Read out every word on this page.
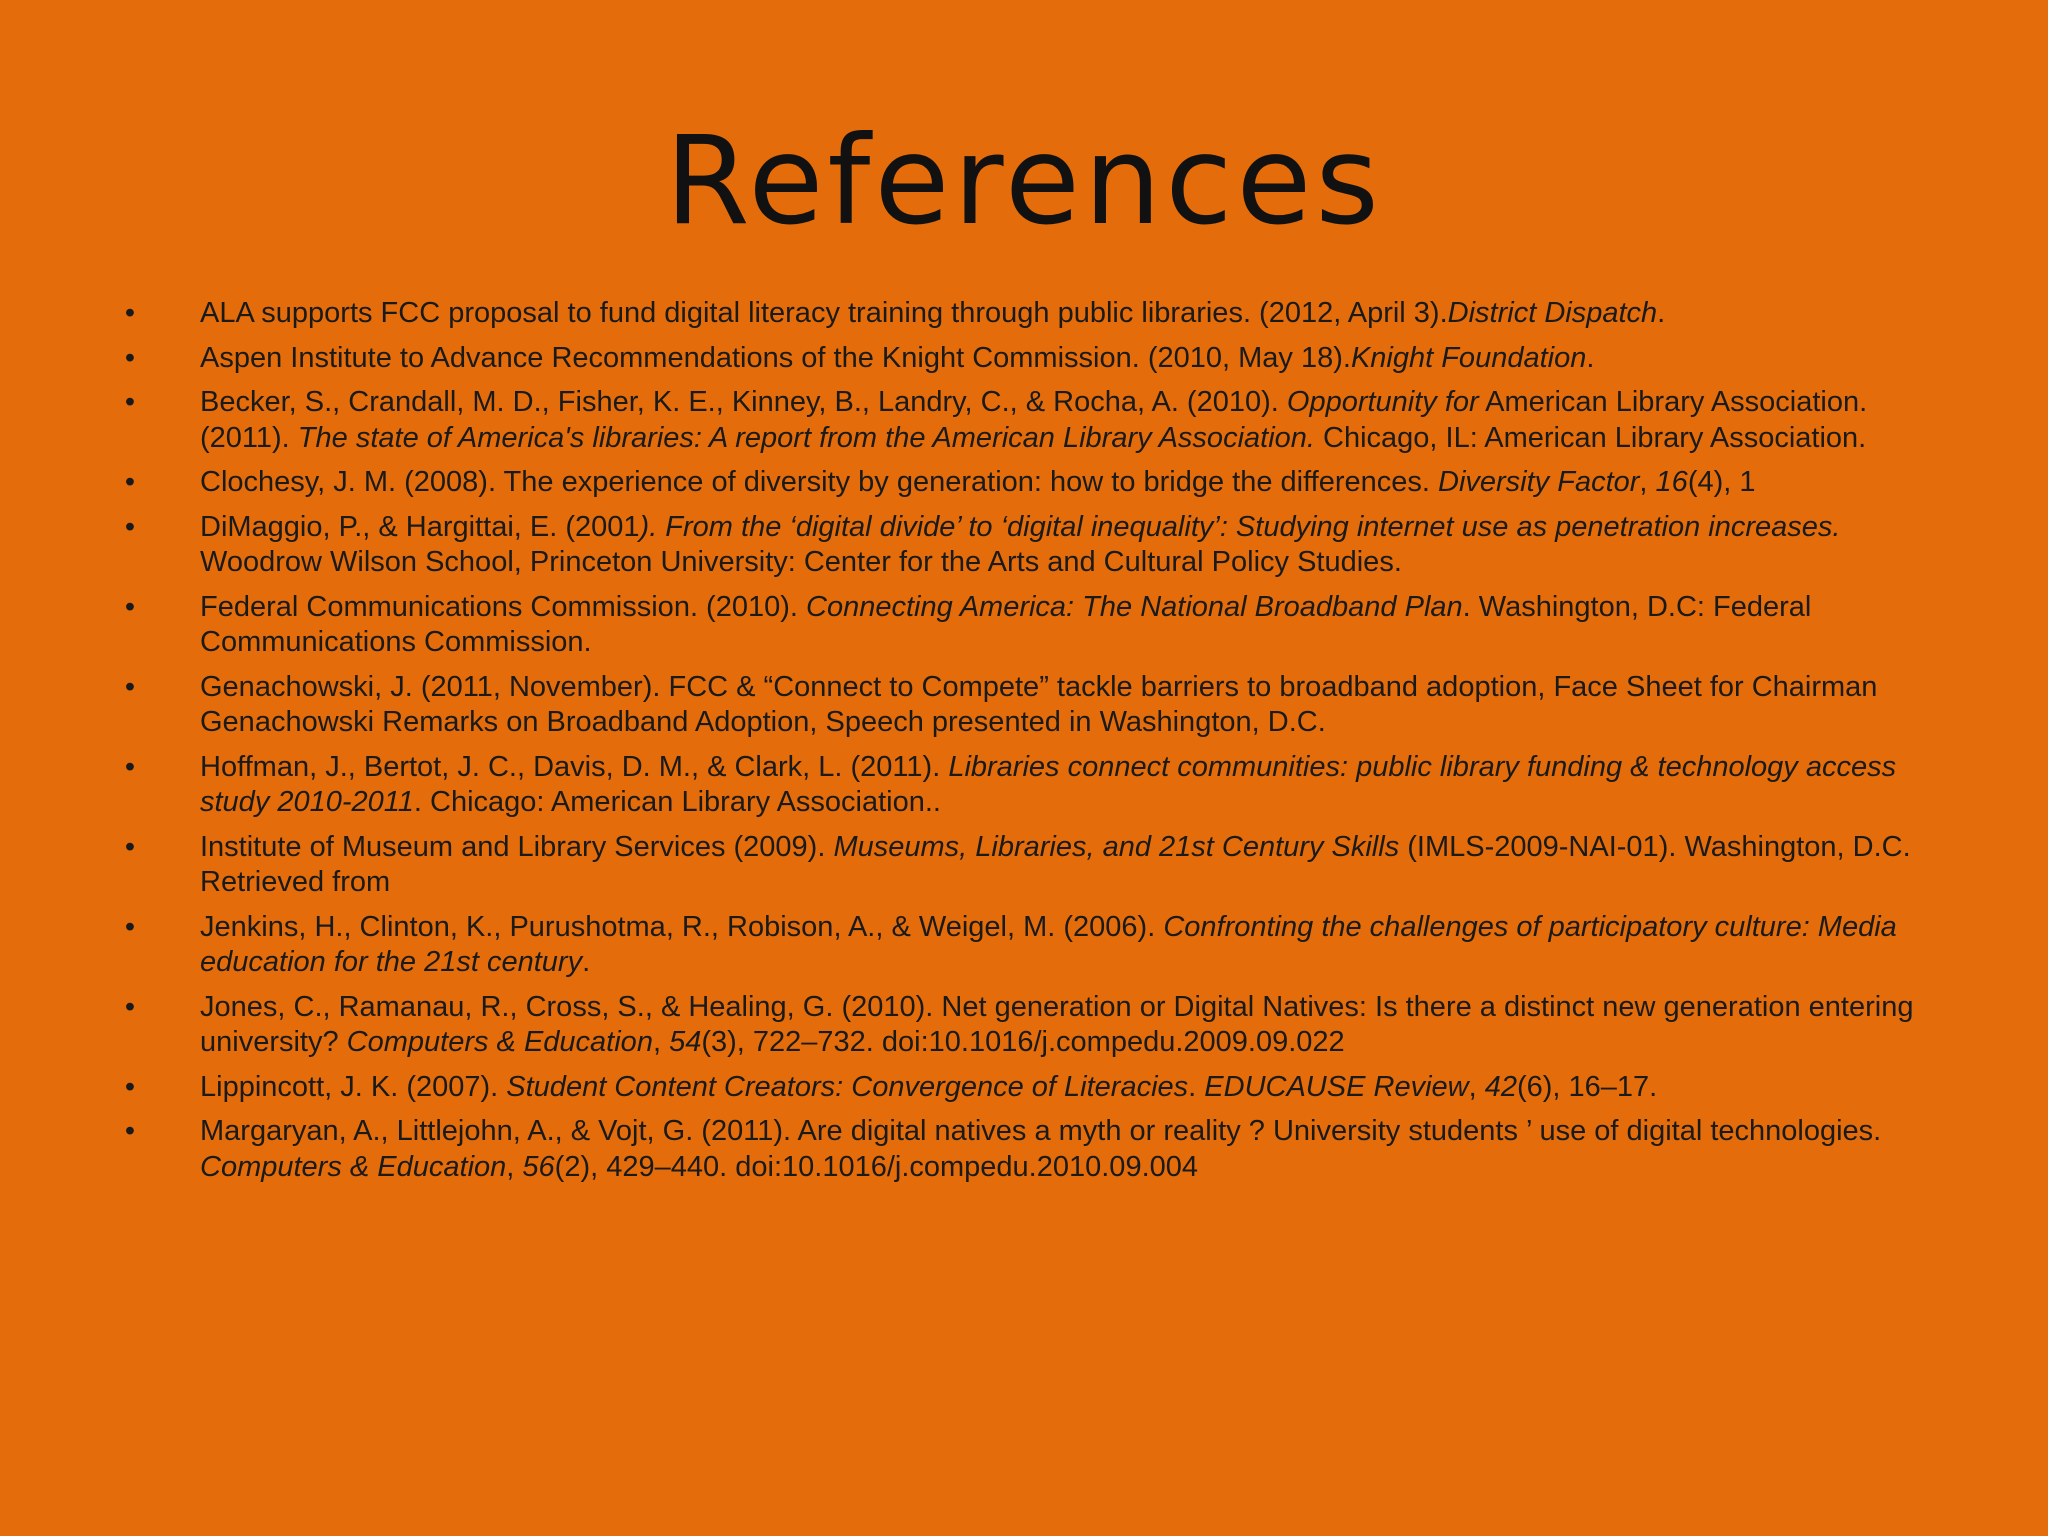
References
• ALA supports FCC proposal to fund digital literacy training through public libraries. (2012, April 3).District Dispatch.
• Aspen Institute to Advance Recommendations of the Knight Commission. (2010, May 18).Knight Foundation.
• Becker, S., Crandall, M. D., Fisher, K. E., Kinney, B., Landry, C., & Rocha, A. (2010). Opportunity for American Library Association. (2011). The state of America's libraries: A report from the American Library Association. Chicago, IL: American Library Association.
• Clochesy, J. M. (2008). The experience of diversity by generation: how to bridge the differences. Diversity Factor, 16(4), 1
• DiMaggio, P., & Hargittai, E. (2001). From the ‘digital divide’ to ‘digital inequality’: Studying internet use as penetration increases. Woodrow Wilson School, Princeton University: Center for the Arts and Cultural Policy Studies.
• Federal Communications Commission. (2010). Connecting America: The National Broadband Plan. Washington, D.C: Federal Communications Commission.
• Genachowski, J. (2011, November). FCC & “Connect to Compete” tackle barriers to broadband adoption, Face Sheet for Chairman Genachowski Remarks on Broadband Adoption, Speech presented in Washington, D.C.
• Hoffman, J., Bertot, J. C., Davis, D. M., & Clark, L. (2011). Libraries connect communities: public library funding & technology access study 2010-2011. Chicago: American Library Association..
• Institute of Museum and Library Services (2009). Museums, Libraries, and 21st Century Skills (IMLS-2009-NAI-01). Washington, D.C. Retrieved from
• Jenkins, H., Clinton, K., Purushotma, R., Robison, A., & Weigel, M. (2006). Confronting the challenges of participatory culture: Media education for the 21st century.
• Jones, C., Ramanau, R., Cross, S., & Healing, G. (2010). Net generation or Digital Natives: Is there a distinct new generation entering university? Computers & Education, 54(3), 722–732. doi:10.1016/j.compedu.2009.09.022
• Lippincott, J. K. (2007). Student Content Creators: Convergence of Literacies. EDUCAUSE Review, 42(6), 16–17.
• Margaryan, A., Littlejohn, A., & Vojt, G. (2011). Are digital natives a myth or reality ? University students ’ use of digital technologies. Computers & Education, 56(2), 429–440. doi:10.1016/j.compedu.2010.09.004
